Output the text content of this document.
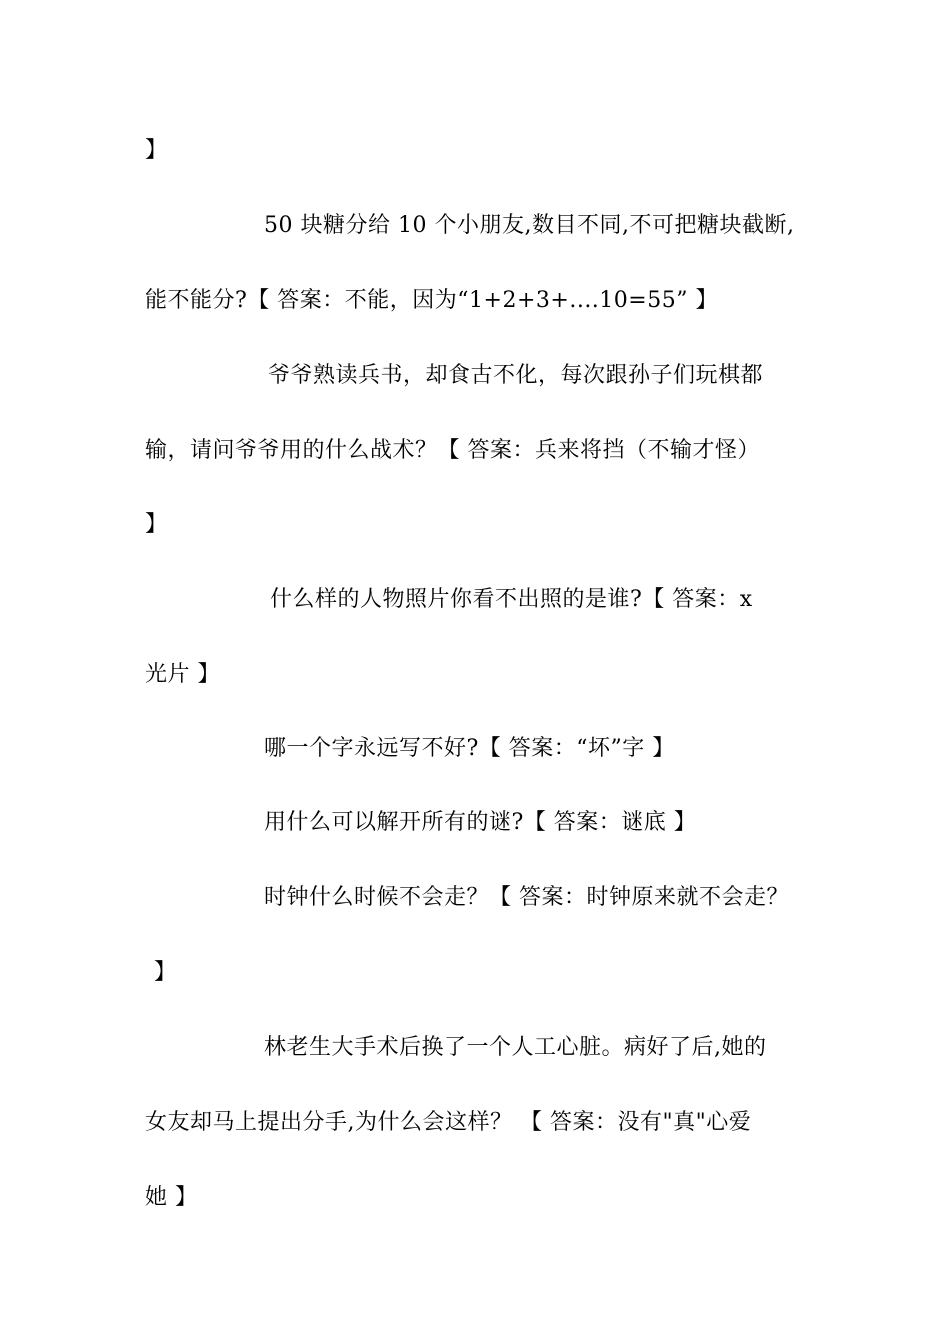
】
50 块糖分给 10 个小朋友,数目不同,不可把糖块截断,
能不能分?【 答案：不能，因为“1+2+3+....10=55” 】
爷爷熟读兵书，却食古不化，每次跟孙子们玩棋都
输，请问爷爷用的什么战术？【 答案：兵来将挡（不输才怪）
】
什么样的人物照片你看不出照的是谁?【 答案：x
光片 】
哪一个字永远写不好?【 答案：“坏”字 】
用什么可以解开所有的谜?【 答案：谜底 】
时钟什么时候不会走？【 答案：时钟原来就不会走？
】
林老生大手术后换了一个人工心脏。病好了后,她的
女友却马上提出分手,为什么会这样？ 【 答案：没有"真"心爱
她 】
